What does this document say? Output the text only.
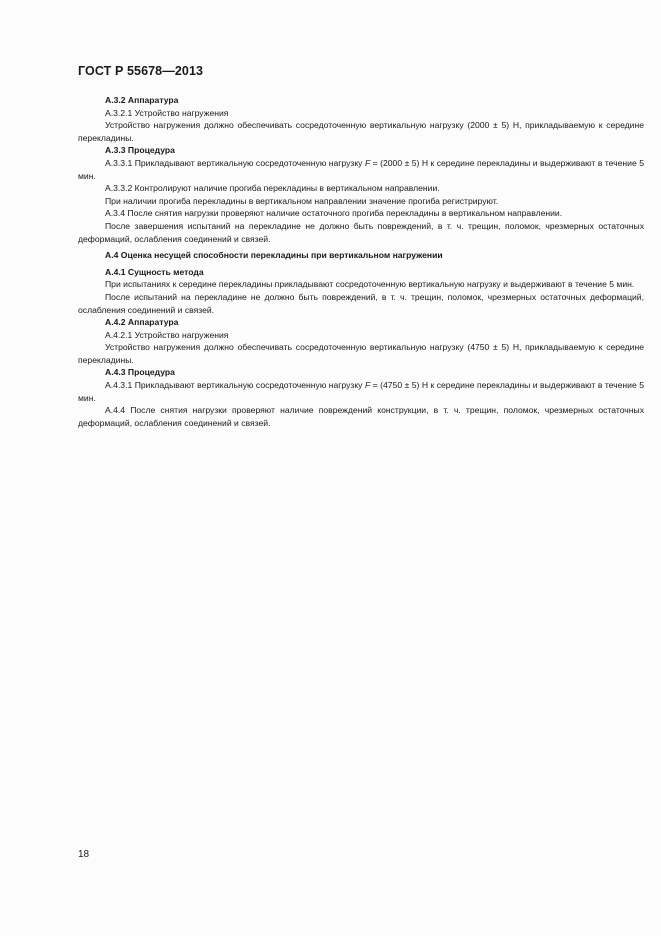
ГОСТ Р 55678—2013

А.3.2 Аппаратура

А.3.2.1 Устройство нагружения

Устройство нагружения должно обеспечивать сосредоточенную вертикальную нагрузку (2000 ± 5) Н, прикладываемую к середине перекладины.

А.3.3 Процедура

А.3.3.1 Прикладывают вертикальную сосредоточенную нагрузку F = (2000 ± 5) Н к середине перекладины и выдерживают в течение 5 мин.

А.3.3.2 Контролируют наличие прогиба перекладины в вертикальном направлении.

При наличии прогиба перекладины в вертикальном направлении значение прогиба регистрируют.

А.3.4 После снятия нагрузки проверяют наличие остаточного прогиба перекладины в вертикальном направлении.

После завершения испытаний на перекладине не должно быть повреждений, в т. ч. трещин, поломок, чрезмерных остаточных деформаций, ослабления соединений и связей.

А.4 Оценка несущей способности перекладины при вертикальном нагружении

А.4.1 Сущность метода

При испытаниях к середине перекладины прикладывают сосредоточенную вертикальную нагрузку и выдерживают в течение 5 мин.

После испытаний на перекладине не должно быть повреждений, в т. ч. трещин, поломок, чрезмерных остаточных деформаций, ослабления соединений и связей.

А.4.2 Аппаратура

А.4.2.1 Устройство нагружения

Устройство нагружения должно обеспечивать сосредоточенную вертикальную нагрузку (4750 ± 5) Н, прикладываемую к середине перекладины.

А.4.3 Процедура

А.4.3.1 Прикладывают вертикальную сосредоточенную нагрузку F = (4750 ± 5) Н к середине перекладины и выдерживают в течение 5 мин.

А.4.4 После снятия нагрузки проверяют наличие повреждений конструкции, в т. ч. трещин, поломок, чрезмерных остаточных деформаций, ослабления соединений и связей.

18
